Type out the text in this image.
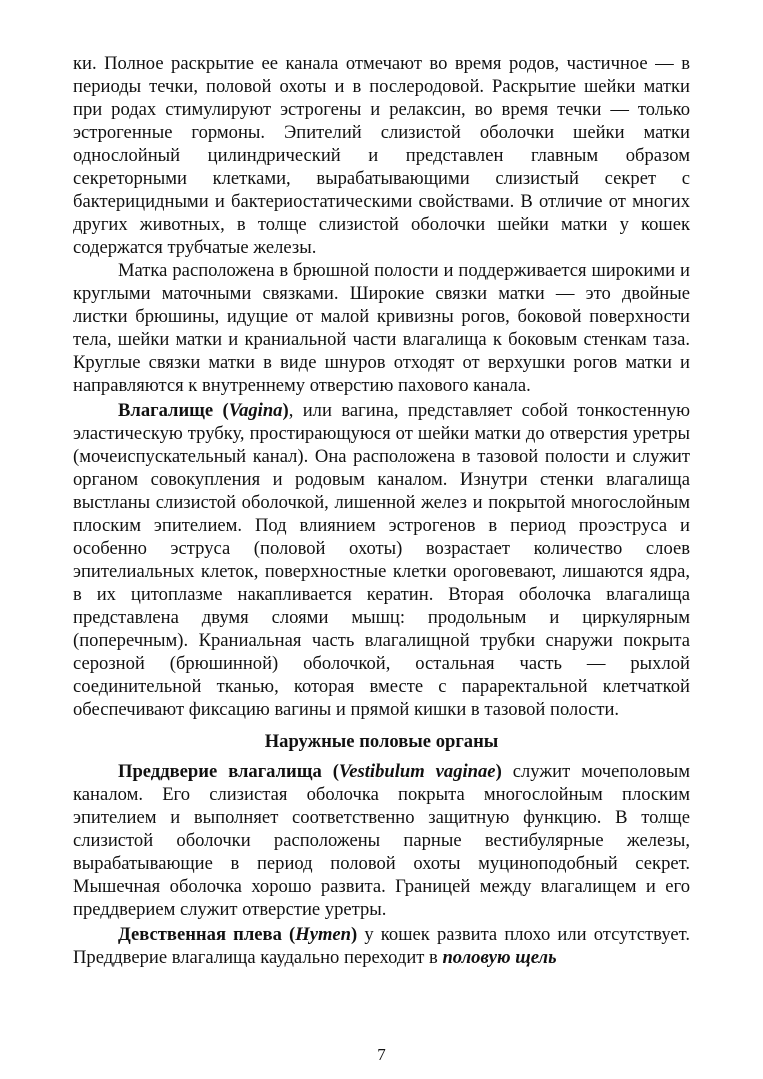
ки. Полное раскрытие ее канала отмечают во время родов, частичное — в периоды течки, половой охоты и в послеродовой. Раскрытие шейки матки при родах стимулируют эстрогены и релаксин, во время течки — только эстрогенные гормоны. Эпителий слизистой оболочки шейки матки однослойный цилиндрический и представлен главным образом секреторными клетками, вырабатывающими слизистый секрет с бактерицидными и бактериостатическими свойствами. В отличие от многих других животных, в толще слизистой оболочки шейки матки у кошек содержатся трубчатые железы.

Матка расположена в брюшной полости и поддерживается широкими и круглыми маточными связками. Широкие связки матки — это двойные листки брюшины, идущие от малой кривизны рогов, боковой поверхности тела, шейки матки и краниальной части влагалища к боковым стенкам таза. Круглые связки матки в виде шнуров отходят от верхушки рогов матки и направляются к внутреннему отверстию пахового канала.

Влагалище (Vagina), или вагина, представляет собой тонкостенную эластическую трубку, простирающуюся от шейки матки до отверстия уретры (мочеиспускательный канал). Она расположена в тазовой полости и служит органом совокупления и родовым каналом. Изнутри стенки влагалища выстланы слизистой оболочкой, лишенной желез и покрытой многослойным плоским эпителием. Под влиянием эстрогенов в период проэструса и особенно эструса (половой охоты) возрастает количество слоев эпителиальных клеток, поверхностные клетки ороговевают, лишаются ядра, в их цитоплазме накапливается кератин. Вторая оболочка влагалища представлена двумя слоями мышц: продольным и циркулярным (поперечным). Краниальная часть влагалищной трубки снаружи покрыта серозной (брюшинной) оболочкой, остальная часть — рыхлой соединительной тканью, которая вместе с параректальной клетчаткой обеспечивают фиксацию вагины и прямой кишки в тазовой полости.

Наружные половые органы

Преддверие влагалища (Vestibulum vaginae) служит мочеполовым каналом. Его слизистая оболочка покрыта многослойным плоским эпителием и выполняет соответственно защитную функцию. В толще слизистой оболочки расположены парные вестибулярные железы, вырабатывающие в период половой охоты муциноподобный секрет. Мышечная оболочка хорошо развита. Границей между влагалищем и его преддверием служит отверстие уретры.

Девственная плева (Hymen) у кошек развита плохо или отсутствует. Преддверие влагалища каудально переходит в половую щель

7
